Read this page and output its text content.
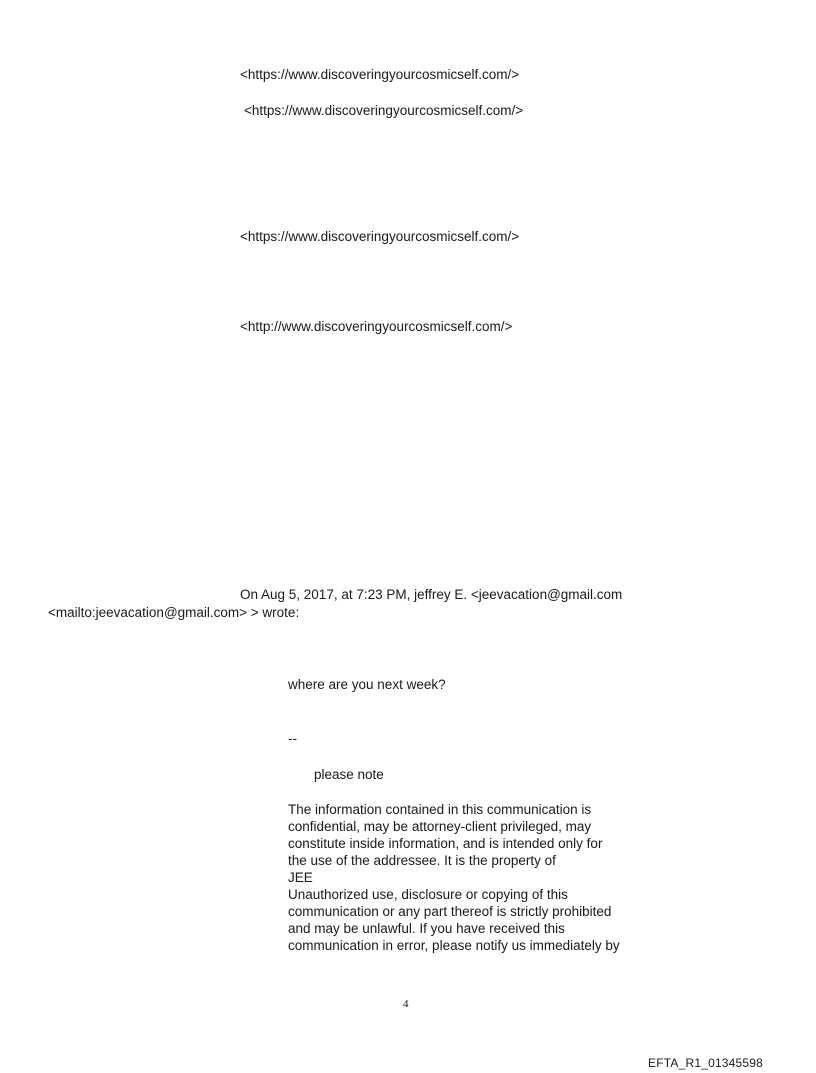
<https://www.discoveringyourcosmicself.com/>
<https://www.discoveringyourcosmicself.com/>
<https://www.discoveringyourcosmicself.com/>
<http://www.discoveringyourcosmicself.com/>
On Aug 5, 2017, at 7:23 PM, jeffrey E. <jeevacation@gmail.com
<mailto:jeevacation@gmail.com> > wrote:
where are you next week?
--
please note
The information contained in this communication is
confidential, may be attorney-client privileged, may
constitute inside information, and is intended only for
the use of the addressee. It is the property of
JEE
Unauthorized use, disclosure or copying of this
communication or any part thereof is strictly prohibited
and may be unlawful. If you have received this
communication in error, please notify us immediately by
4
EFTA_R1_01345598
